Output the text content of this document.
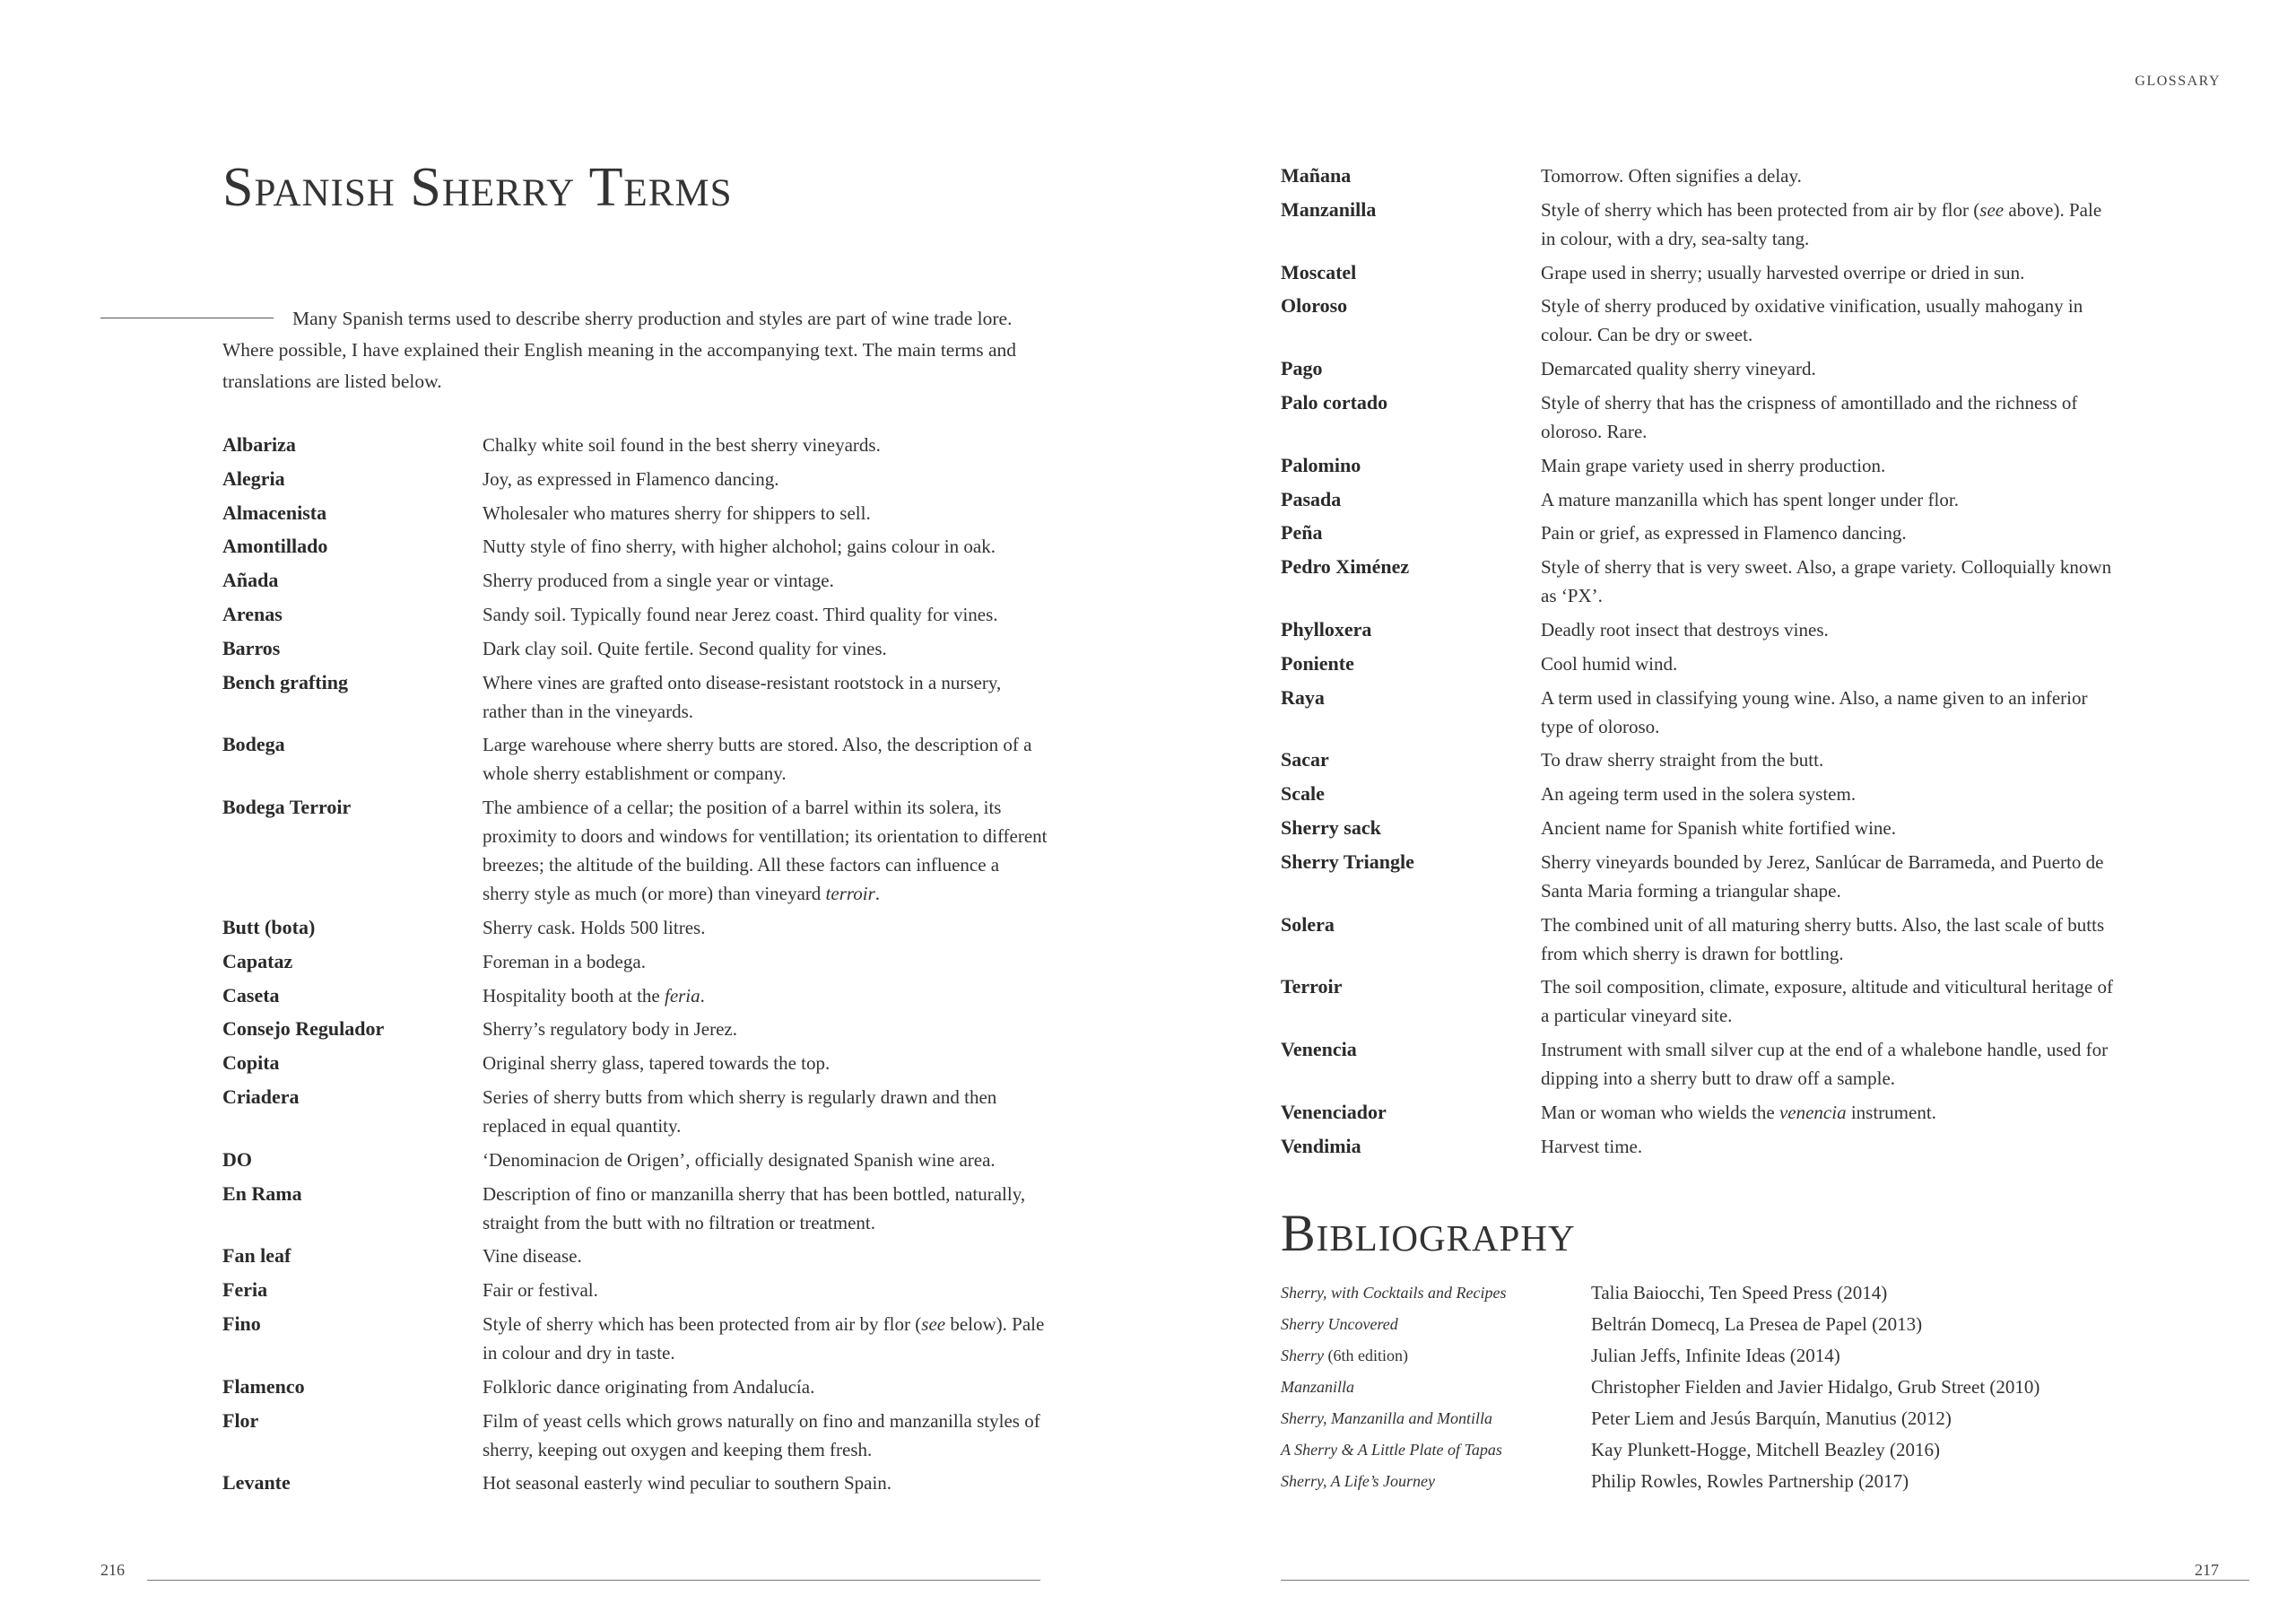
Spanish Sherry Terms

Many Spanish terms used to describe sherry production and styles are part of wine trade lore. Where possible, I have explained their English meaning in the accompanying text. The main terms and translations are listed below.

Albariza	Chalky white soil found in the best sherry vineyards.
Alegria	Joy, as expressed in Flamenco dancing.
Almacenista	Wholesaler who matures sherry for shippers to sell.
Amontillado	Nutty style of fino sherry, with higher alchohol; gains colour in oak.
Añada	Sherry produced from a single year or vintage.
Arenas	Sandy soil. Typically found near Jerez coast. Third quality for vines.
Barros	Dark clay soil. Quite fertile. Second quality for vines.
Bench grafting	Where vines are grafted onto disease-resistant rootstock in a nursery, rather than in the vineyards.
Bodega	Large warehouse where sherry butts are stored. Also, the description of a whole sherry establishment or company.
Bodega Terroir	The ambience of a cellar; the position of a barrel within its solera, its proximity to doors and windows for ventillation; its orientation to different breezes; the altitude of the building. All these factors can influence a sherry style as much (or more) than vineyard terroir.
Butt (bota)	Sherry cask. Holds 500 litres.
Capataz	Foreman in a bodega.
Caseta	Hospitality booth at the feria.
Consejo Regulador	Sherry’s regulatory body in Jerez.
Copita	Original sherry glass, tapered towards the top.
Criadera	Series of sherry butts from which sherry is regularly drawn and then replaced in equal quantity.
DO	‘Denominacion de Origen’, officially designated Spanish wine area.
En Rama	Description of fino or manzanilla sherry that has been bottled, naturally, straight from the butt with no filtration or treatment.
Fan leaf	Vine disease.
Feria	Fair or festival.
Fino	Style of sherry which has been protected from air by flor (see below). Pale in colour and dry in taste.
Flamenco	Folkloric dance originating from Andalucía.
Flor	Film of yeast cells which grows naturally on fino and manzanilla styles of sherry, keeping out oxygen and keeping them fresh.
Levante	Hot seasonal easterly wind peculiar to southern Spain.
216
GLOSSARY
Mañana	Tomorrow. Often signifies a delay.
Manzanilla	Style of sherry which has been protected from air by flor (see above). Pale in colour, with a dry, sea-salty tang.
Moscatel	Grape used in sherry; usually harvested overripe or dried in sun.
Oloroso	Style of sherry produced by oxidative vinification, usually mahogany in colour. Can be dry or sweet.
Pago	Demarcated quality sherry vineyard.
Palo cortado	Style of sherry that has the crispness of amontillado and the richness of oloroso. Rare.
Palomino	Main grape variety used in sherry production.
Pasada	A mature manzanilla which has spent longer under flor.
Peña	Pain or grief, as expressed in Flamenco dancing.
Pedro Ximénez	Style of sherry that is very sweet. Also, a grape variety. Colloquially known as ‘PX’.
Phylloxera	Deadly root insect that destroys vines.
Poniente	Cool humid wind.
Raya	A term used in classifying young wine. Also, a name given to an inferior type of oloroso.
Sacar	To draw sherry straight from the butt.
Scale	An ageing term used in the solera system.
Sherry sack	Ancient name for Spanish white fortified wine.
Sherry Triangle	Sherry vineyards bounded by Jerez, Sanlúcar de Barrameda, and Puerto de Santa Maria forming a triangular shape.
Solera	The combined unit of all maturing sherry butts. Also, the last scale of butts from which sherry is drawn for bottling.
Terroir	The soil composition, climate, exposure, altitude and viticultural heritage of a particular vineyard site.
Venencia	Instrument with small silver cup at the end of a whalebone handle, used for dipping into a sherry butt to draw off a sample.
Venenciador	Man or woman who wields the venencia instrument.
Vendimia	Harvest time.
Bibliography
Sherry, with Cocktails and Recipes	Talia Baiocchi, Ten Speed Press (2014)
Sherry Uncovered	Beltrán Domecq, La Presea de Papel (2013)
Sherry (6th edition)	Julian Jeffs, Infinite Ideas (2014)
Manzanilla	Christopher Fielden and Javier Hidalgo, Grub Street (2010)
Sherry, Manzanilla and Montilla	Peter Liem and Jesús Barquín, Manutius (2012)
A Sherry & A Little Plate of Tapas	Kay Plunkett-Hogge, Mitchell Beazley (2016)
Sherry, A Life’s Journey	Philip Rowles, Rowles Partnership (2017)
217
